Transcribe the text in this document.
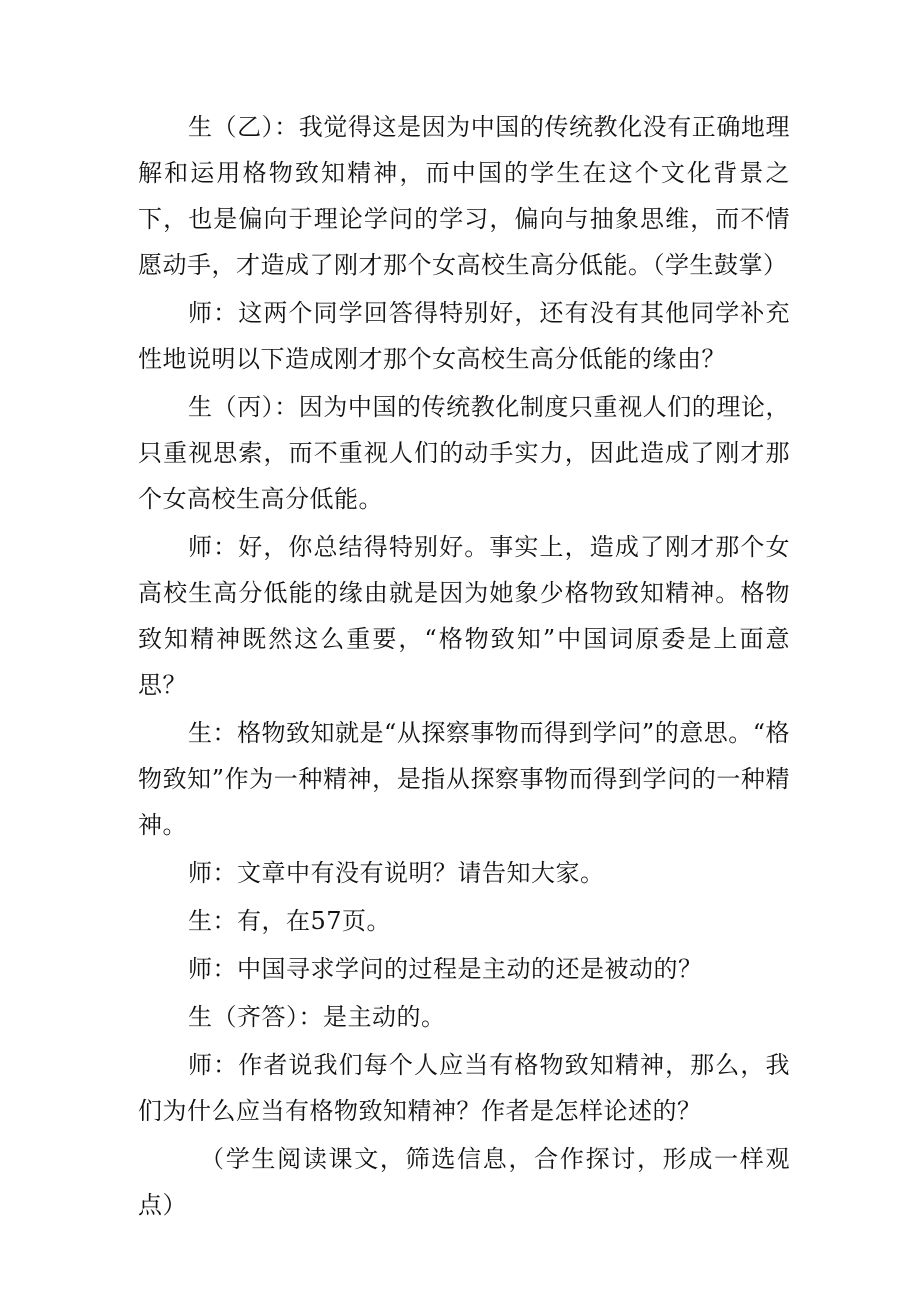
生（乙）：我觉得这是因为中国的传统教化没有正确地理解和运用格物致知精神，而中国的学生在这个文化背景之下，也是偏向于理论学问的学习，偏向与抽象思维，而不情愿动手，才造成了刚才那个女高校生高分低能。（学生鼓掌）

师：这两个同学回答得特别好，还有没有其他同学补充性地说明以下造成刚才那个女高校生高分低能的缘由？

生（丙）：因为中国的传统教化制度只重视人们的理论，只重视思索，而不重视人们的动手实力，因此造成了刚才那个女高校生高分低能。

师：好，你总结得特别好。事实上，造成了刚才那个女高校生高分低能的缘由就是因为她象少格物致知精神。格物致知精神既然这么重要，“格物致知”中国词原委是上面意思？

生：格物致知就是“从探察事物而得到学问”的意思。“格物致知”作为一种精神，是指从探察事物而得到学问的一种精神。

师：文章中有没有说明？请告知大家。

生：有，在57页。

师：中国寻求学问的过程是主动的还是被动的？

生（齐答）：是主动的。

师：作者说我们每个人应当有格物致知精神，那么，我们为什么应当有格物致知精神？作者是怎样论述的？

（学生阅读课文，筛选信息，合作探讨，形成一样观点）
